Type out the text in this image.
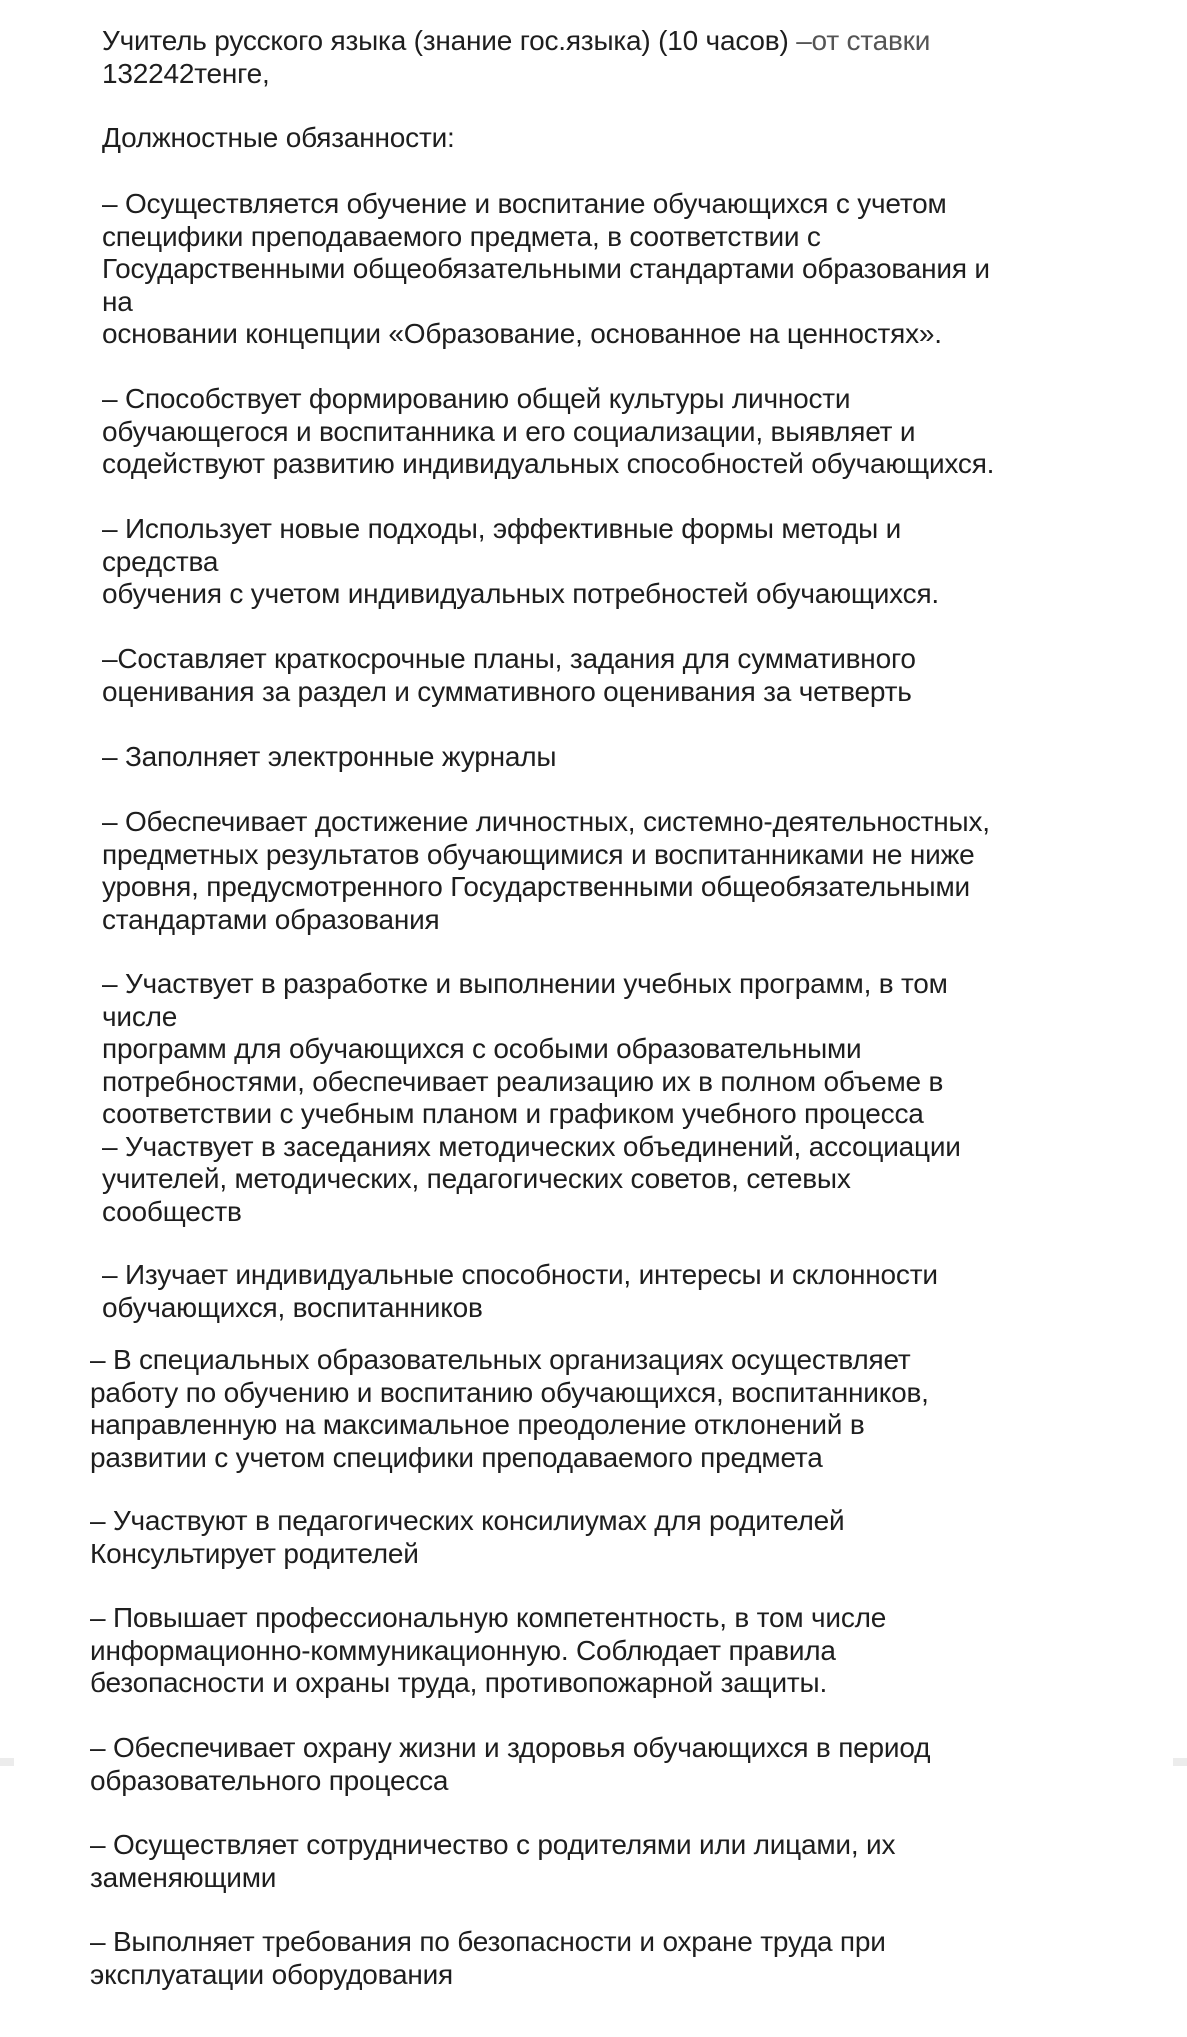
Учитель русского языка (знание гос.языка) (10 часов) –от ставки
132242тенге,
Должностные обязанности:
– Осуществляется обучение и воспитание обучающихся с учетом
специфики преподаваемого предмета, в соответствии с
Государственными общеобязательными стандартами образования и
на
основании концепции «Образование, основанное на ценностях».
– Способствует формированию общей культуры личности
обучающегося и воспитанника и его социализации, выявляет и
содействуют развитию индивидуальных способностей обучающихся.
– Использует новые подходы, эффективные формы методы и
средства
обучения с учетом индивидуальных потребностей обучающихся.
–Составляет краткосрочные планы, задания для суммативного
оценивания за раздел и суммативного оценивания за четверть
– Заполняет электронные журналы
– Обеспечивает достижение личностных, системно-деятельностных,
предметных результатов обучающимися и воспитанниками не ниже
уровня, предусмотренного Государственными общеобязательными
стандартами образования
– Участвует в разработке и выполнении учебных программ, в том
числе
программ для обучающихся с особыми образовательными
потребностями, обеспечивает реализацию их в полном объеме в
соответствии с учебным планом и графиком учебного процесса
– Участвует в заседаниях методических объединений, ассоциации
учителей, методических, педагогических советов, сетевых
сообществ
– Изучает индивидуальные способности, интересы и склонности
обучающихся, воспитанников
– В специальных образовательных организациях осуществляет
работу по обучению и воспитанию обучающихся, воспитанников,
направленную на максимальное преодоление отклонений в
развитии с учетом специфики преподаваемого предмета
– Участвуют в педагогических консилиумах для родителей
Консультирует родителей
– Повышает профессиональную компетентность, в том числе
информационно-коммуникационную. Соблюдает правила
безопасности и охраны труда, противопожарной защиты.
– Обеспечивает охрану жизни и здоровья обучающихся в период
образовательного процесса
– Осуществляет сотрудничество с родителями или лицами, их
заменяющими
– Выполняет требования по безопасности и охране труда при
эксплуатации оборудования
